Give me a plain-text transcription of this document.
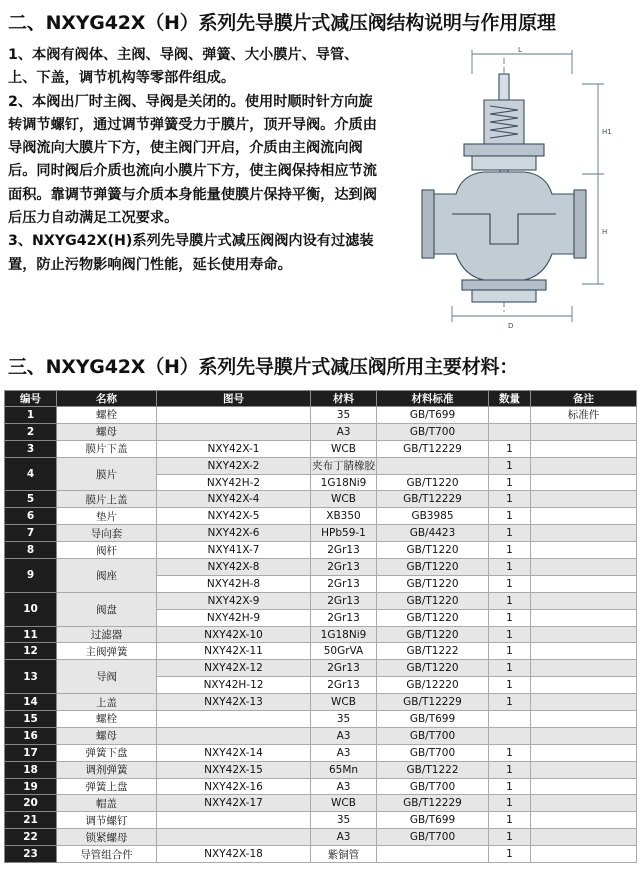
二、NXYG42X（H）系列先导膜片式减压阀结构说明与作用原理

1、本阀有阀体、主阀、导阀、弹簧、大小膜片、导管、上、下盖，调节机构等零部件组成。

2、本阀出厂时主阀、导阀是关闭的。使用时顺时针方向旋转调节螺钉，通过调节弹簧受力于膜片，顶开导阀。介质由导阀流向大膜片下方，使主阀门开启，介质由主阀流向阀后。同时阀后介质也流向小膜片下方，使主阀保持相应节流面积。靠调节弹簧与介质本身能量使膜片保持平衡，达到阀后压力自动满足工况要求。

3、NXYG42X(H)系列先导膜片式减压阀阀内设有过滤装置，防止污物影响阀门性能，延长使用寿命。

L
H1
H
D
三、NXYG42X（H）系列先导膜片式减压阀所用主要材料：
编号	名称	图号	材料	材料标准	数量	备注
1	螺栓		35	GB/T699		标准件
2	螺母		A3	GB/T700		
3	膜片下盖	NXY42X-1	WCB	GB/T12229	1	
4	膜片	NXY42X-2	夹布丁腈橡胶		1	
		NXY42H-2	1G18Ni9	GB/T1220	1	
5	膜片上盖	NXY42X-4	WCB	GB/T12229	1	
6	垫片	NXY42X-5	XB350	GB3985	1	
7	导向套	NXY42X-6	HPb59-1	GB/4423	1	
8	阀杆	NXY41X-7	2Gr13	GB/T1220	1	
9	阀座	NXY42X-8	2Gr13	GB/T1220	1	
		NXY42H-8	2Gr13	GB/T1220	1	
10	阀盘	NXY42X-9	2Gr13	GB/T1220	1	
		NXY42H-9	2Gr13	GB/T1220	1	
11	过滤器	NXY42X-10	1G18Ni9	GB/T1220	1	
12	主阀弹簧	NXY42X-11	50GrVA	GB/T1222	1	
13	导阀	NXY42X-12	2Gr13	GB/T1220	1	
		NXY42H-12	2Gr13	GB/12220	1	
14	上盖	NXY42X-13	WCB	GB/T12229	1	
15	螺栓		35	GB/T699		
16	螺母		A3	GB/T700		
17	弹簧下盘	NXY42X-14	A3	GB/T700	1	
18	调剂弹簧	NXY42X-15	65Mn	GB/T1222	1	
19	弹簧上盘	NXY42X-16	A3	GB/T700	1	
20	帽盖	NXY42X-17	WCB	GB/T12229	1	
21	调节螺钉		35	GB/T699	1	
22	锁紧螺母		A3	GB/T700	1	
23	导管组合件	NXY42X-18	紫铜管		1	
